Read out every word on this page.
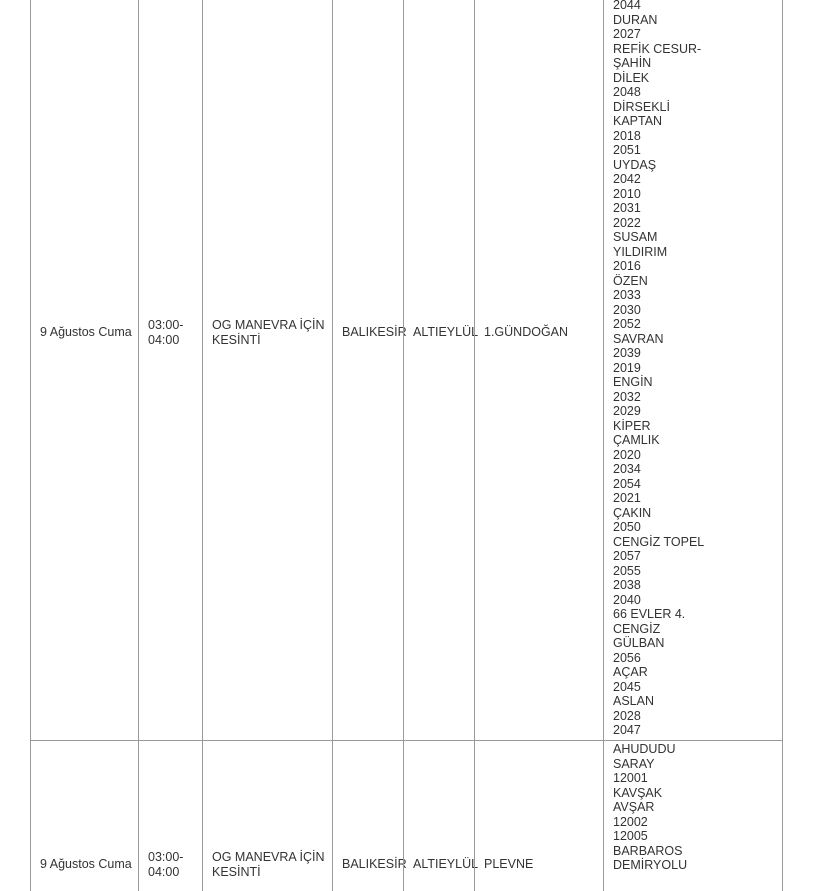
9 Ağustos Cuma 03:00-
04:00
OG MANEVRA İÇİN
KESİNTİ
BALIKESİR ALTIEYLÜL 1.GÜNDOĞAN
2044
DURAN
2027
REFİK CESUR-
ŞAHİN
DİLEK
2048
DİRSEKLİ
KAPTAN
2018
2051
UYDAŞ
2042
2010
2031
2022
SUSAM
YILDIRIM
2016
ÖZEN
2033
2030
2052
SAVRAN
2039
2019
ENGİN
2032
2029
KİPER
ÇAMLIK
2020
2034
2054
2021
ÇAKIN
2050
CENGİZ TOPEL
2057
2055
2038
2040
66 EVLER 4.
CENGİZ
GÜLBAN
2056
AÇAR
2045
ASLAN
2028
2047
9 Ağustos Cuma 03:00-
04:00
OG MANEVRA İÇİN
KESİNTİ
BALIKESİR ALTIEYLÜL PLEVNE
AHUDUDU
SARAY
12001
KAVŞAK
AVŞAR
12002
12005
BARBAROS
DEMİRYOLU
